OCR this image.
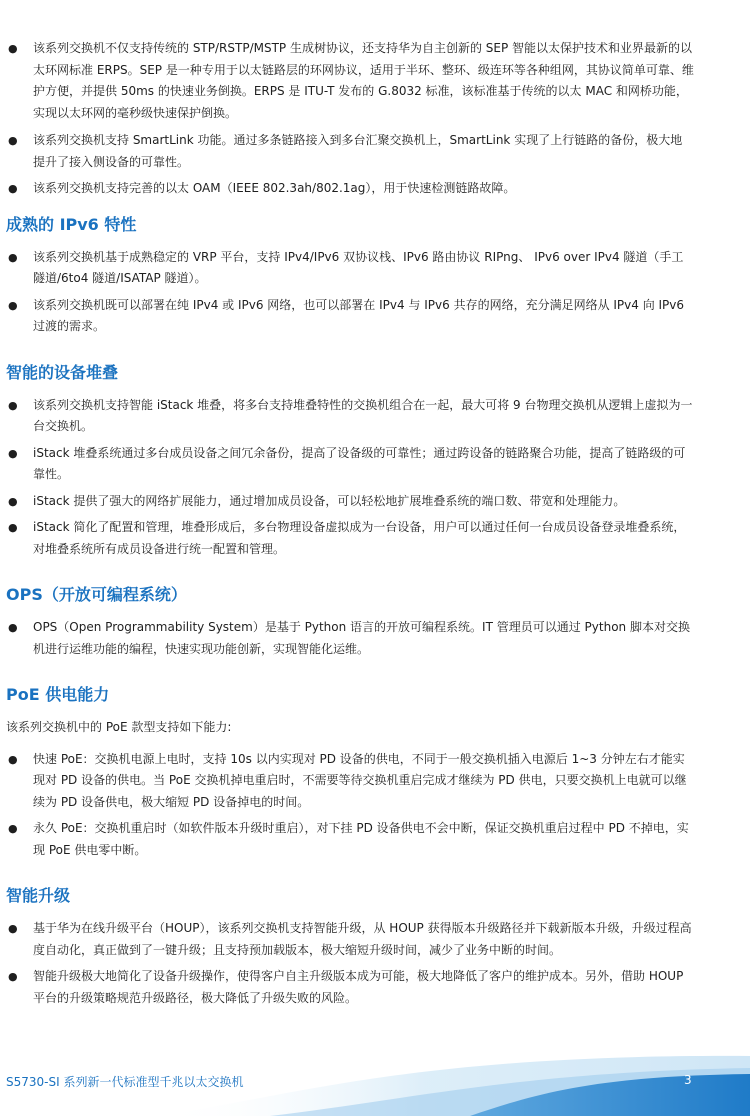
● 该系列交换机不仅支持传统的 STP/RSTP/MSTP 生成树协议，还支持华为自主创新的 SEP 智能以太保护技术和业界最新的以太环网标准 ERPS。SEP 是一种专用于以太链路层的环网协议，适用于半环、整环、级连环等各种组网，其协议简单可靠、维护方便，并提供 50ms 的快速业务倒换。ERPS 是 ITU-T 发布的 G.8032 标准，该标准基于传统的以太 MAC 和网桥功能，实现以太环网的毫秒级快速保护倒换。
● 该系列交换机支持 SmartLink 功能。通过多条链路接入到多台汇聚交换机上，SmartLink 实现了上行链路的备份，极大地提升了接入侧设备的可靠性。
● 该系列交换机支持完善的以太 OAM（IEEE 802.3ah/802.1ag），用于快速检测链路故障。
成熟的 IPv6 特性
● 该系列交换机基于成熟稳定的 VRP 平台，支持 IPv4/IPv6 双协议栈、IPv6 路由协议 RIPng、 IPv6 over IPv4 隧道（手工隧道/6to4 隧道/ISATAP 隧道）。
● 该系列交换机既可以部署在纯 IPv4 或 IPv6 网络，也可以部署在 IPv4 与 IPv6 共存的网络，充分满足网络从 IPv4 向 IPv6 过渡的需求。
智能的设备堆叠
● 该系列交换机支持智能 iStack 堆叠，将多台支持堆叠特性的交换机组合在一起，最大可将 9 台物理交换机从逻辑上虚拟为一台交换机。
● iStack 堆叠系统通过多台成员设备之间冗余备份，提高了设备级的可靠性；通过跨设备的链路聚合功能，提高了链路级的可靠性。
● iStack 提供了强大的网络扩展能力，通过增加成员设备，可以轻松地扩展堆叠系统的端口数、带宽和处理能力。
● iStack 简化了配置和管理，堆叠形成后，多台物理设备虚拟成为一台设备，用户可以通过任何一台成员设备登录堆叠系统，对堆叠系统所有成员设备进行统一配置和管理。
OPS（开放可编程系统）
● OPS（Open Programmability System）是基于 Python 语言的开放可编程系统。IT 管理员可以通过 Python 脚本对交换机进行运维功能的编程，快速实现功能创新，实现智能化运维。
PoE 供电能力
该系列交换机中的 PoE 款型支持如下能力:
● 快速 PoE：交换机电源上电时，支持 10s 以内实现对 PD 设备的供电，不同于一般交换机插入电源后 1~3 分钟左右才能实现对 PD 设备的供电。当 PoE 交换机掉电重启时，不需要等待交换机重启完成才继续为 PD 供电，只要交换机上电就可以继续为 PD 设备供电，极大缩短 PD 设备掉电的时间。
● 永久 PoE：交换机重启时（如软件版本升级时重启），对下挂 PD 设备供电不会中断，保证交换机重启过程中 PD 不掉电，实现 PoE 供电零中断。
智能升级
● 基于华为在线升级平台（HOUP），该系列交换机支持智能升级，从 HOUP 获得版本升级路径并下载新版本升级，升级过程高度自动化，真正做到了一键升级；且支持预加载版本，极大缩短升级时间，减少了业务中断的时间。
● 智能升级极大地简化了设备升级操作，使得客户自主升级版本成为可能，极大地降低了客户的维护成本。另外，借助 HOUP 平台的升级策略规范升级路径，极大降低了升级失败的风险。
S5730-SI 系列新一代标准型千兆以太交换机	3
